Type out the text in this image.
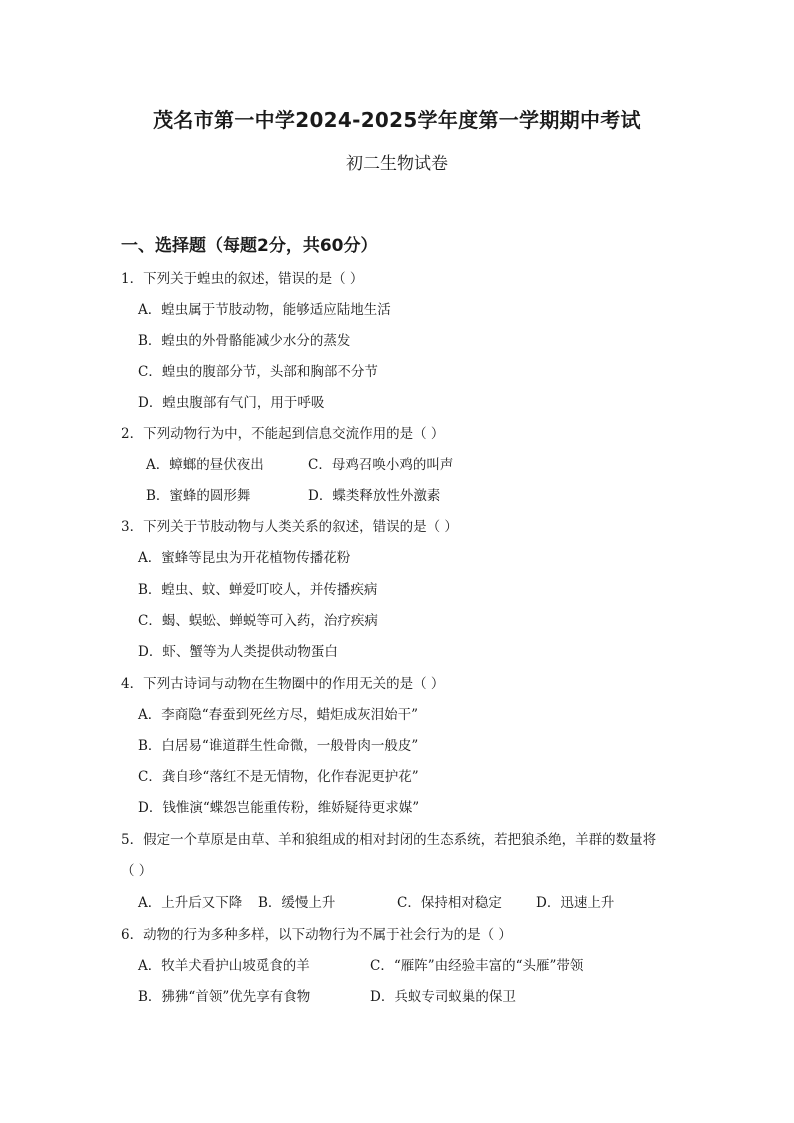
茂名市第一中学2024-2025学年度第一学期期中考试
初二生物试卷
一、选择题（每题2分，共60分）
1．下列关于蝗虫的叙述，错误的是（ ）
A．蝗虫属于节肢动物，能够适应陆地生活
B．蝗虫的外骨骼能减少水分的蒸发
C．蝗虫的腹部分节，头部和胸部不分节
D．蝗虫腹部有气门，用于呼吸
2．下列动物行为中，不能起到信息交流作用的是（ ）
A．蟑螂的昼伏夜出	C．母鸡召唤小鸡的叫声
B．蜜蜂的圆形舞	D．蝶类释放性外激素
3．下列关于节肢动物与人类关系的叙述，错误的是（ ）
A．蜜蜂等昆虫为开花植物传播花粉
B．蝗虫、蚊、蝉爱叮咬人，并传播疾病
C．蝎、蜈蚣、蝉蜕等可入药，治疗疾病
D．虾、蟹等为人类提供动物蛋白
4．下列古诗词与动物在生物圈中的作用无关的是（ ）
A．李商隐“春蚕到死丝方尽，蜡炬成灰泪始干”
B．白居易“谁道群生性命微，一般骨肉一般皮”
C．龚自珍“落红不是无情物，化作春泥更护花”
D．钱惟演“蝶怨岂能重传粉，维娇疑待更求媒”
5．假定一个草原是由草、羊和狼组成的相对封闭的生态系统，若把狼杀绝，羊群的数量将
（ ）
A．上升后又下降 B．缓慢上升	C．保持相对稳定	D．迅速上升
6．动物的行为多种多样，以下动物行为不属于社会行为的是（ ）
A．牧羊犬看护山坡觅食的羊	C．“雁阵”由经验丰富的“头雁”带领
B．狒狒“首领”优先享有食物	D．兵蚁专司蚁巢的保卫
